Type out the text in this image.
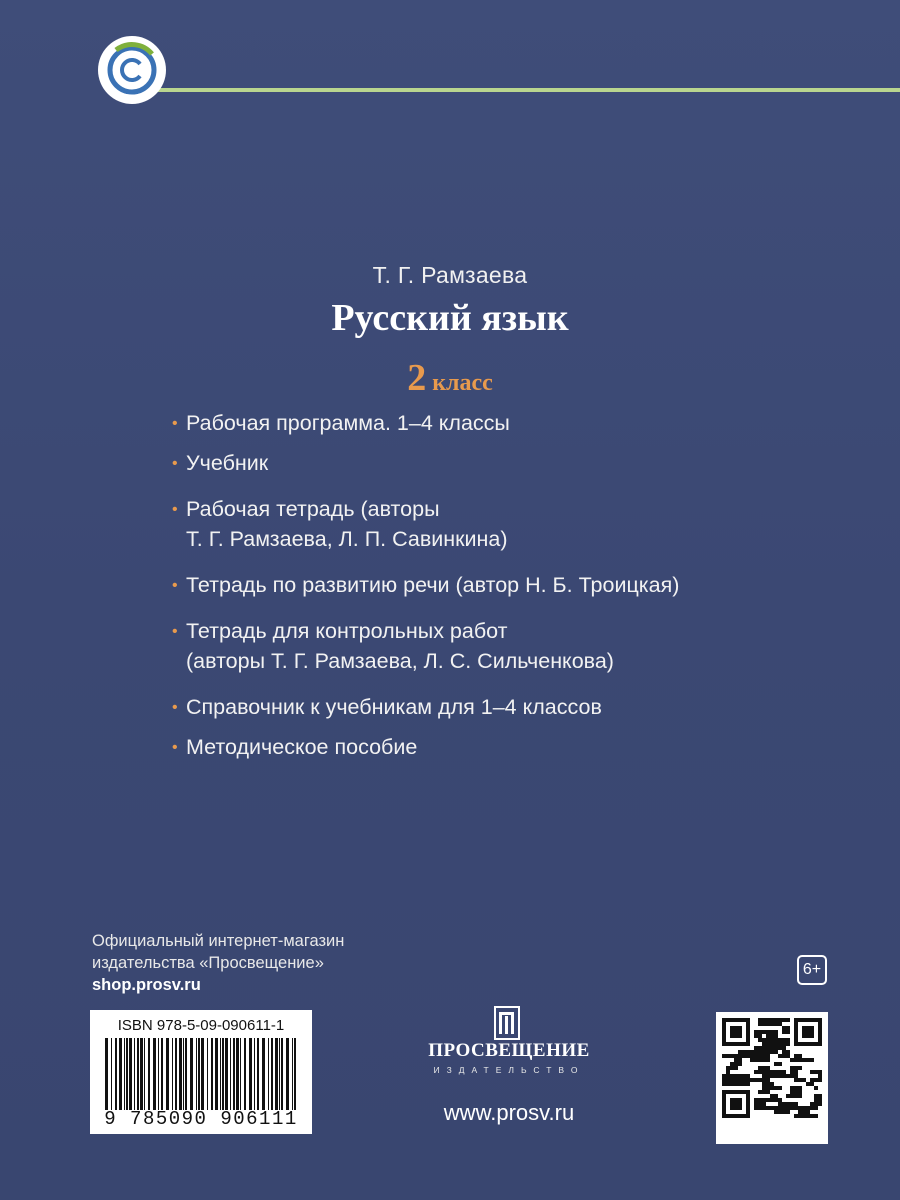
Т. Г. Рамзаева
Русский язык
2 класс
• Рабочая программа. 1–4 классы
• Учебник
• Рабочая тетрадь (авторы
Т. Г. Рамзаева, Л. П. Савинкина)
• Тетрадь по развитию речи (автор Н. Б. Троицкая)
• Тетрадь для контрольных работ
(авторы Т. Г. Рамзаева, Л. С. Сильченкова)
• Справочник к учебникам для 1–4 классов
• Методическое пособие
Официальный интернет-магазин
издательства «Просвещение»
shop.prosv.ru
6+
ISBN 978-5-09-090611-1
9 785090 906111
ПРОСВЕЩЕНИЕ
ИЗДАТЕЛЬСТВО
www.prosv.ru
